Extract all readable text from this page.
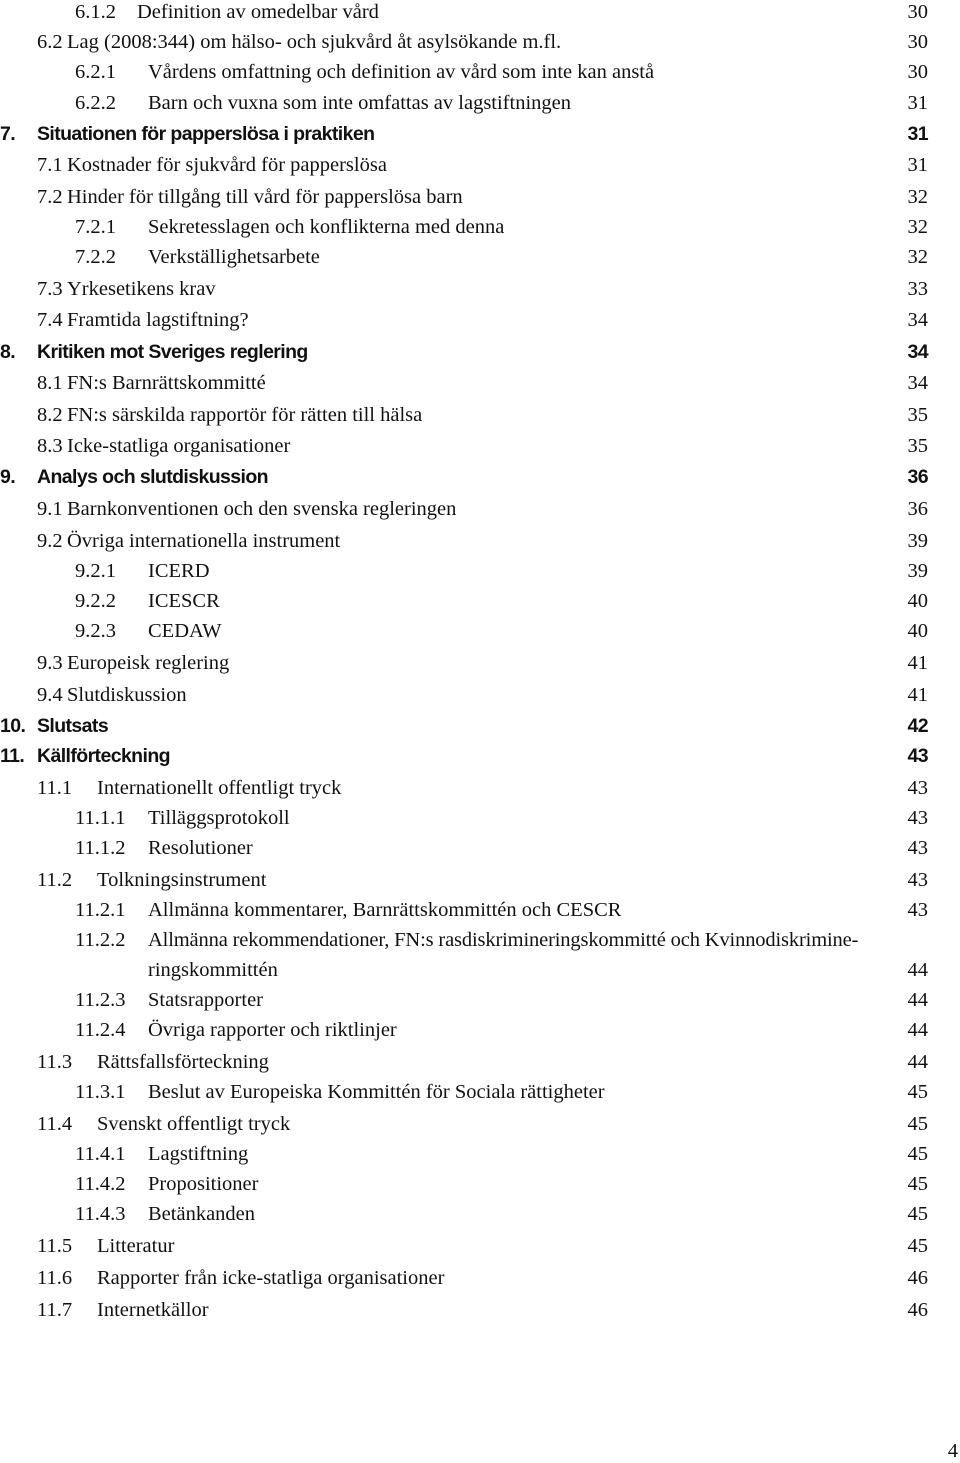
6.1.2 Definition av omedelbar vård	30
6.2 Lag (2008:344) om hälso- och sjukvård åt asylsökande m.fl.	30
6.2.1 Vårdens omfattning och definition av vård som inte kan anstå	30
6.2.2 Barn och vuxna som inte omfattas av lagstiftningen	31
7. Situationen för papperslösa i praktiken	31
7.1 Kostnader för sjukvård för papperslösa	31
7.2 Hinder för tillgång till vård för papperslösa barn	32
7.2.1 Sekretesslagen och konflikterna med denna	32
7.2.2 Verkställighetsarbete	32
7.3 Yrkesetikens krav	33
7.4 Framtida lagstiftning?	34
8. Kritiken mot Sveriges reglering	34
8.1 FN:s Barnrättskommitté	34
8.2 FN:s särskilda rapportör för rätten till hälsa	35
8.3 Icke-statliga organisationer	35
9. Analys och slutdiskussion	36
9.1 Barnkonventionen och den svenska regleringen	36
9.2 Övriga internationella instrument	39
9.2.1 ICERD	39
9.2.2 ICESCR	40
9.2.3 CEDAW	40
9.3 Europeisk reglering	41
9.4 Slutdiskussion	41
10. Slutsats	42
11. Källförteckning	43
11.1 Internationellt offentligt tryck	43
11.1.1 Tilläggsprotokoll	43
11.1.2 Resolutioner	43
11.2 Tolkningsinstrument	43
11.2.1 Allmänna kommentarer, Barnrättskommittén och CESCR	43
11.2.2 Allmänna rekommendationer, FN:s rasdiskrimineringskommitté och Kvinnodiskrimine-
ringskommittén	44
11.2.3 Statsrapporter	44
11.2.4 Övriga rapporter och riktlinjer	44
11.3 Rättsfallsförteckning	44
11.3.1 Beslut av Europeiska Kommittén för Sociala rättigheter	45
11.4 Svenskt offentligt tryck	45
11.4.1 Lagstiftning	45
11.4.2 Propositioner	45
11.4.3 Betänkanden	45
11.5 Litteratur	45
11.6 Rapporter från icke-statliga organisationer	46
11.7 Internetkällor	46
4
